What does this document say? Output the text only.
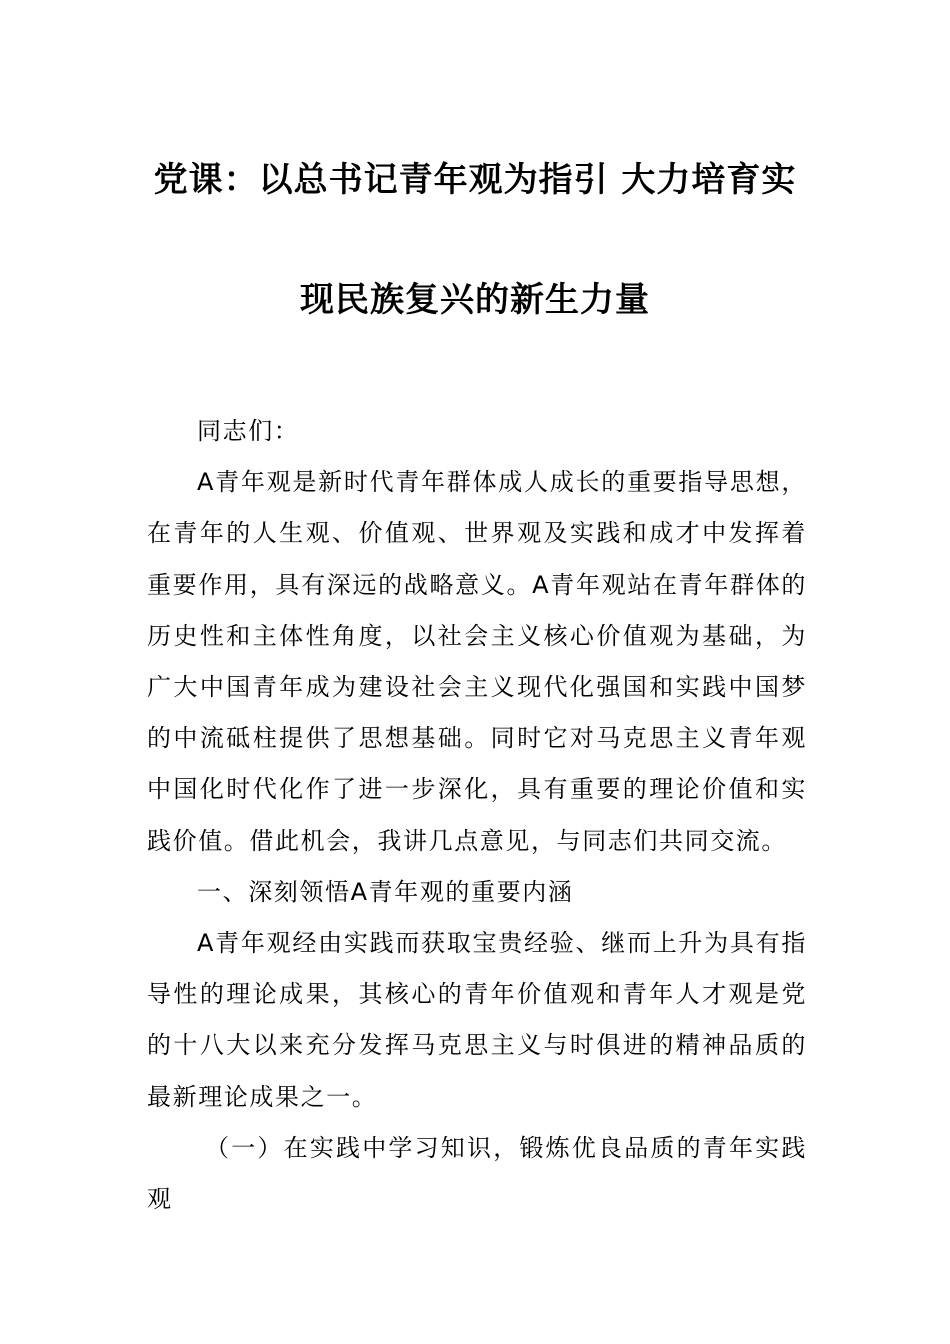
党课：以总书记青年观为指引 大力培育实
现民族复兴的新生力量

同志们：

A青年观是新时代青年群体成人成长的重要指导思想，在青年的人生观、价值观、世界观及实践和成才中发挥着重要作用，具有深远的战略意义。A青年观站在青年群体的历史性和主体性角度，以社会主义核心价值观为基础，为广大中国青年成为建设社会主义现代化强国和实践中国梦的中流砥柱提供了思想基础。同时它对马克思主义青年观中国化时代化作了进一步深化，具有重要的理论价值和实践价值。借此机会，我讲几点意见，与同志们共同交流。

一、深刻领悟A青年观的重要内涵

A青年观经由实践而获取宝贵经验、继而上升为具有指导性的理论成果，其核心的青年价值观和青年人才观是党的十八大以来充分发挥马克思主义与时俱进的精神品质的最新理论成果之一。

（一）在实践中学习知识，锻炼优良品质的青年实践观
